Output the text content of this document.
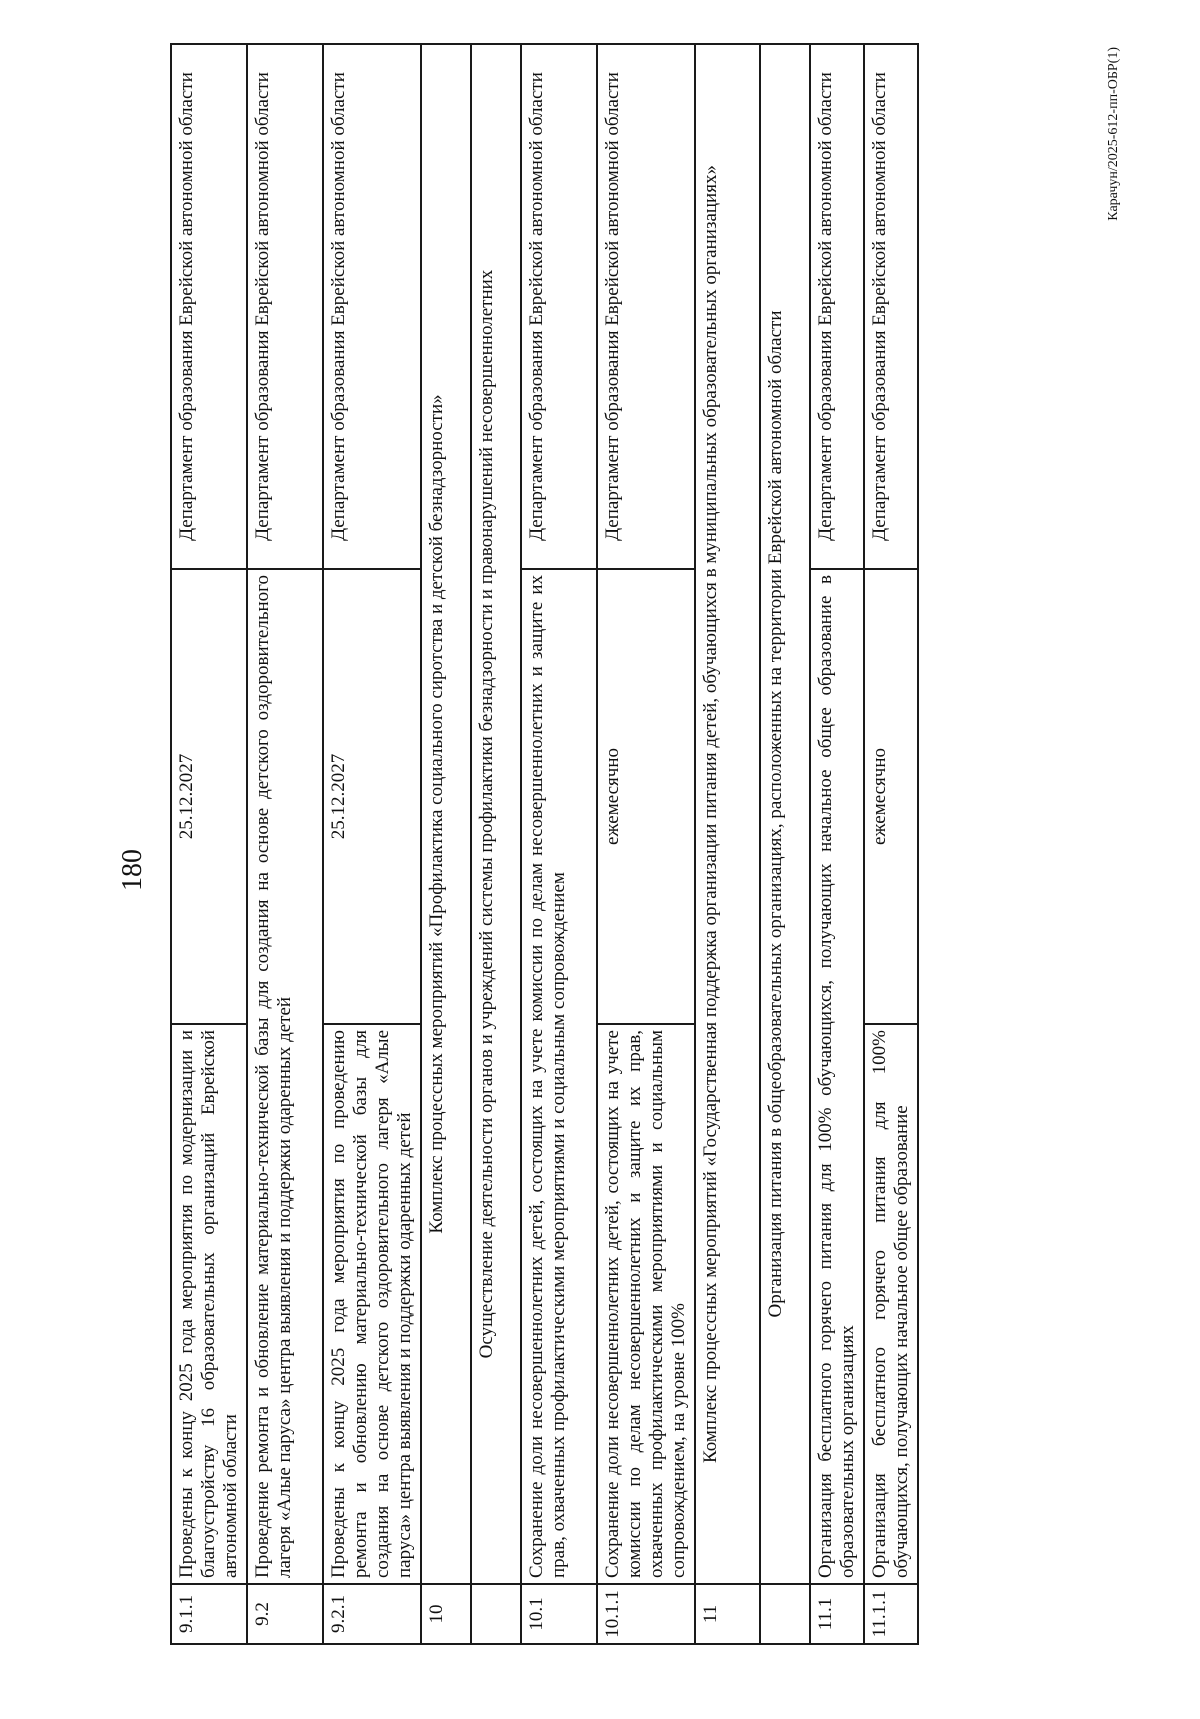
180
9.1.1	Проведены к концу 2025 года мероприятия по модернизации и благоустройству 16 образовательных организаций Еврейской автономной области	25.12.2027	Департамент образования Еврейской автономной области
9.2	Проведение ремонта и обновление материально-технической базы для создания на основе детского оздоровительного лагеря «Алые паруса» центра выявления и поддержки одаренных детей		Департамент образования Еврейской автономной области
9.2.1	Проведены к концу 2025 года мероприятия по проведению ремонта и обновлению материально-технической базы для создания на основе детского оздоровительного лагеря «Алые паруса» центра выявления и поддержки одаренных детей	25.12.2027	Департамент образования Еврейской автономной области
10	Комплекс процессных мероприятий «Профилактика социального сиротства и детской безнадзорности»		
	Осуществление деятельности органов и учреждений системы профилактики безнадзорности и правонарушений несовершеннолетних		
10.1	Сохранение доли несовершеннолетних детей, состоящих на учете комиссии по делам несовершеннолетних и защите их прав, охваченных профилактическими мероприятиями и социальным сопровождением		Департамент образования Еврейской автономной области
10.1.1	Сохранение доли несовершеннолетних детей, состоящих на учете комиссии по делам несовершеннолетних и защите их прав, охваченных профилактическими мероприятиями и социальным сопровождением, на уровне 100%	ежемесячно	Департамент образования Еврейской автономной области
11	Комплекс процессных мероприятий «Государственная поддержка организации питания детей, обучающихся в муниципальных образовательных организациях»		
	Организация питания в общеобразовательных организациях, расположенных на территории Еврейской автономной области		
11.1	Организация бесплатного горячего питания для 100% обучающихся, получающих начальное общее образование в образовательных организациях		Департамент образования Еврейской автономной области
11.1.1	Организация бесплатного горячего питания для 100% обучающихся, получающих начальное общее образование	ежемесячно	Департамент образования Еврейской автономной области	Карачун/2025-612-пп-ОБР(1)
